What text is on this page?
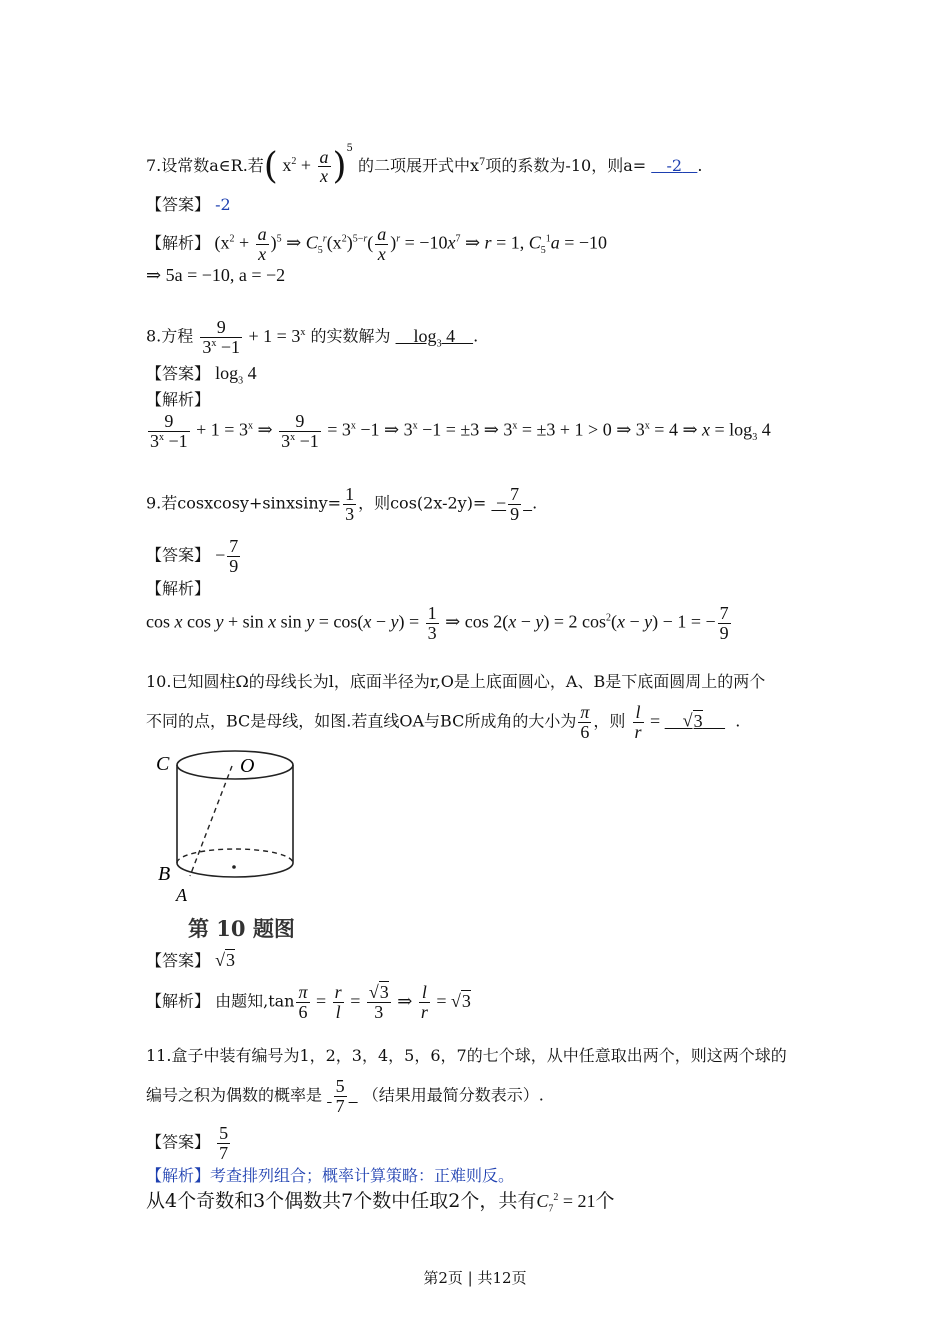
7.设常数a∈R.若( $x^2 + \frac{a}{x} )^5$ 的二项展开式中$x^7$项的系数为-10，则a= -2 .
【答案】 -2
【解析】 $(x^2 + \frac{a}{x} )^5$ ⇒ $C_5^r(x^2)^{5-r}( \frac{a}{x} )^r = -10x^7$ ⇒ r = 1, $C_5^1a = -10$
⇒ 5a = −10, a = −2
8.方程 $\frac{9}{3^x -1} + 1 = 3^x$ 的实数解为     $\log_3 4$    .
【答案】 $\log_3 4$
【解析】
$\frac{9}{3^x -1} + 1 = 3^x$ ⇒ $\frac{9}{3^x -1} = 3^x -1$ ⇒ $3^x -1 = \pm 3$ ⇒ $3^x = \pm 3 + 1 > 0$ ⇒ $3^x = 4$ ⇒ $x = \log_3 4$
9.若cosxcosy+sinxsiny= $\frac{1}{3}$ ，则$\cos(2x-2y)= - \frac{7}{9}$ .
【答案】 − $\frac{7}{9}$
【解析】
cos x cos y + sin x $\sin y = \cos(x - y) = \frac{1}{3}$ ⇒ cos 2(x − y) = 2 $\cos^2(x - y) - 1$ = − $\frac{7}{9}$
10.已知圆柱Ω的母线长为l，底面半径为r,O是上底面圆心，A、B是下底面圆周上的两个
不同的点，BC是母线，如图.若直线OA与BC所成角的大小为 $\frac{\pi}{6}$ ，则 $\frac{l}{r}$ =     √3       .
C	O
B
A
第 10 题图
【答案】 √3
【解析】 由题知$,\tan \frac{\pi}{6} = \frac{r}{l} = \frac{√3}{3}$ ⇒ $\frac{l}{r} = √3$
11.盒子中装有编号为1，2，3，4，5，6，7的七个球，从中任意取出两个，则这两个球的
编号之积为偶数的概率是 $\frac{5}{7}$ （结果用最简分数表示）.
【答案】 $\frac{5}{7}$
【解析】考查排列组合；概率计算策略：正难则反。
从4个奇数和3个偶数共7个数中任取2个，共有$C_7^2 = 21$个
第2页 | 共12页
